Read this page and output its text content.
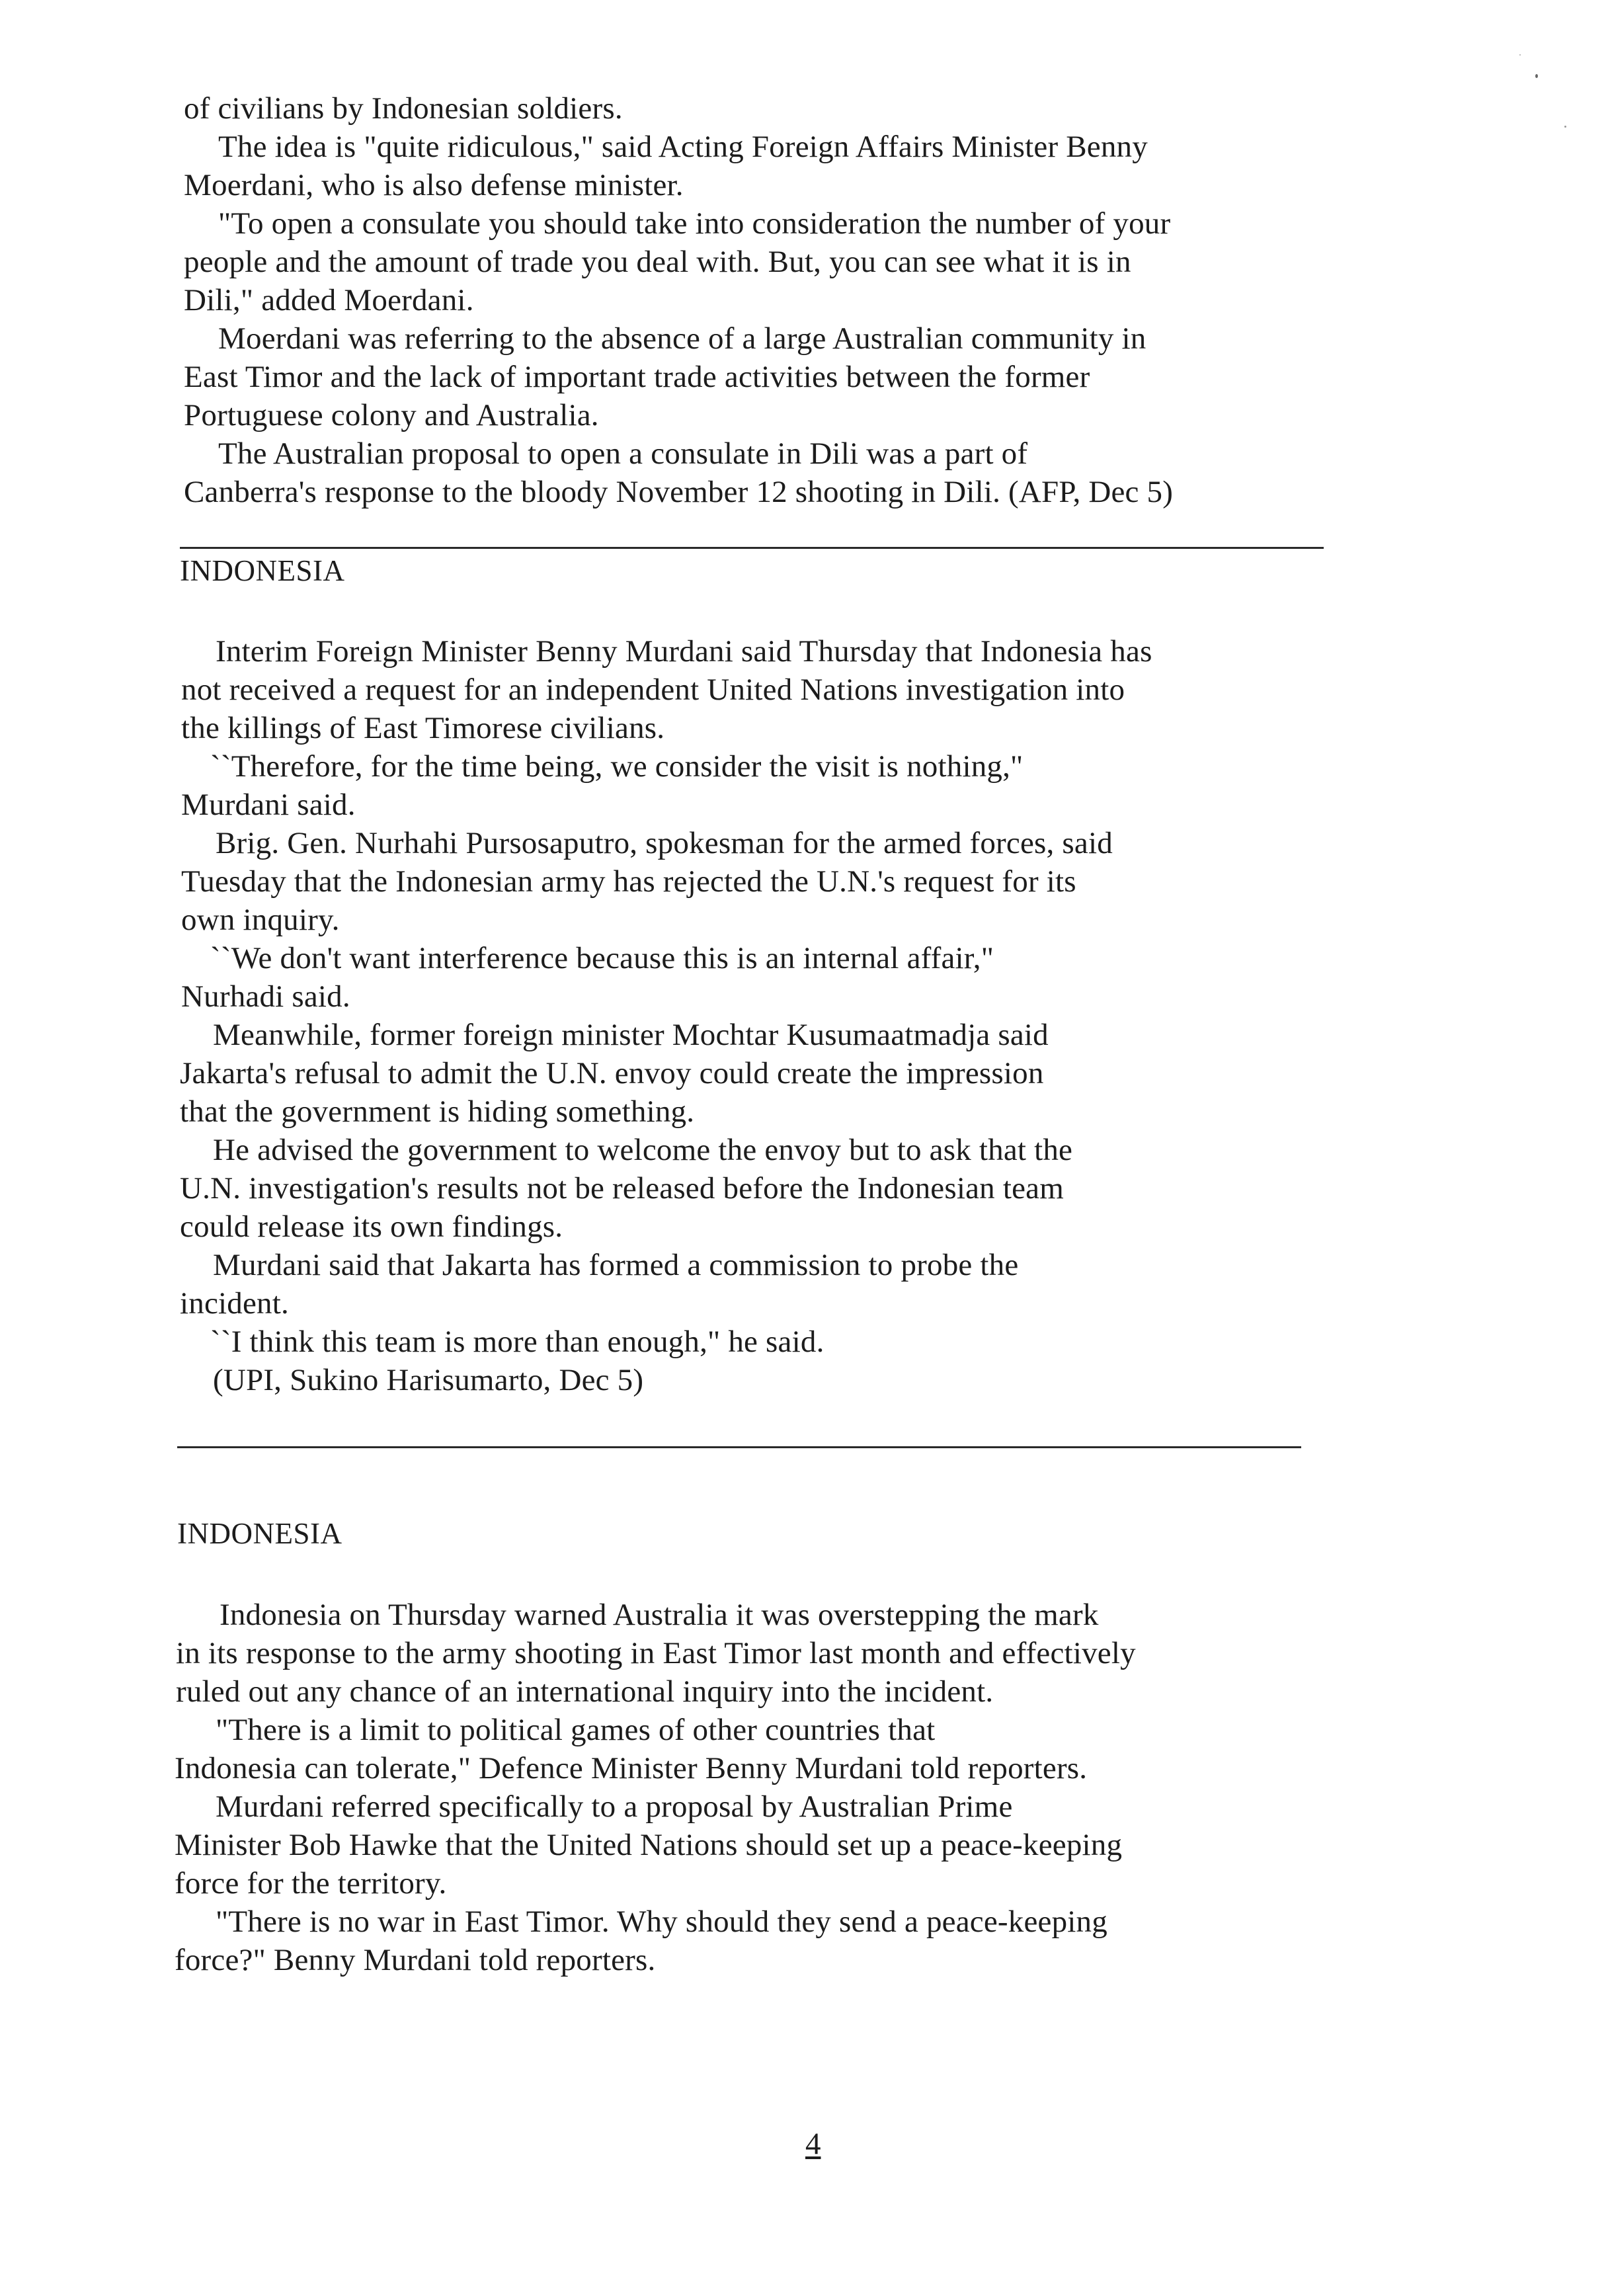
of civilians by Indonesian soldiers.
The idea is "quite ridiculous," said Acting Foreign Affairs Minister Benny
Moerdani, who is also defense minister.
"To open a consulate you should take into consideration the number of your
people and the amount of trade you deal with. But, you can see what it is in
Dili," added Moerdani.
Moerdani was referring to the absence of a large Australian community in
East Timor and the lack of important trade activities between the former
Portuguese colony and Australia.
The Australian proposal to open a consulate in Dili was a part of
Canberra's response to the bloody November 12 shooting in Dili. (AFP, Dec 5)
INDONESIA
Interim Foreign Minister Benny Murdani said Thursday that Indonesia has
not received a request for an independent United Nations investigation into
the killings of East Timorese civilians.
``Therefore, for the time being, we consider the visit is nothing,"
Murdani said.
Brig. Gen. Nurhahi Pursosaputro, spokesman for the armed forces, said
Tuesday that the Indonesian army has rejected the U.N.'s request for its
own inquiry.
``We don't want interference because this is an internal affair,"
Nurhadi said.
Meanwhile, former foreign minister Mochtar Kusumaatmadja said
Jakarta's refusal to admit the U.N. envoy could create the impression
that the government is hiding something.
He advised the government to welcome the envoy but to ask that the
U.N. investigation's results not be released before the Indonesian team
could release its own findings.
Murdani said that Jakarta has formed a commission to probe the
incident.
``I think this team is more than enough," he said.
(UPI, Sukino Harisumarto, Dec 5)
INDONESIA
Indonesia on Thursday warned Australia it was overstepping the mark
in its response to the army shooting in East Timor last month and effectively
ruled out any chance of an international inquiry into the incident.
"There is a limit to political games of other countries that
Indonesia can tolerate," Defence Minister Benny Murdani told reporters.
Murdani referred specifically to a proposal by Australian Prime
Minister Bob Hawke that the United Nations should set up a peace-keeping
force for the territory.
"There is no war in East Timor. Why should they send a peace-keeping
force?" Benny Murdani told reporters.
4
